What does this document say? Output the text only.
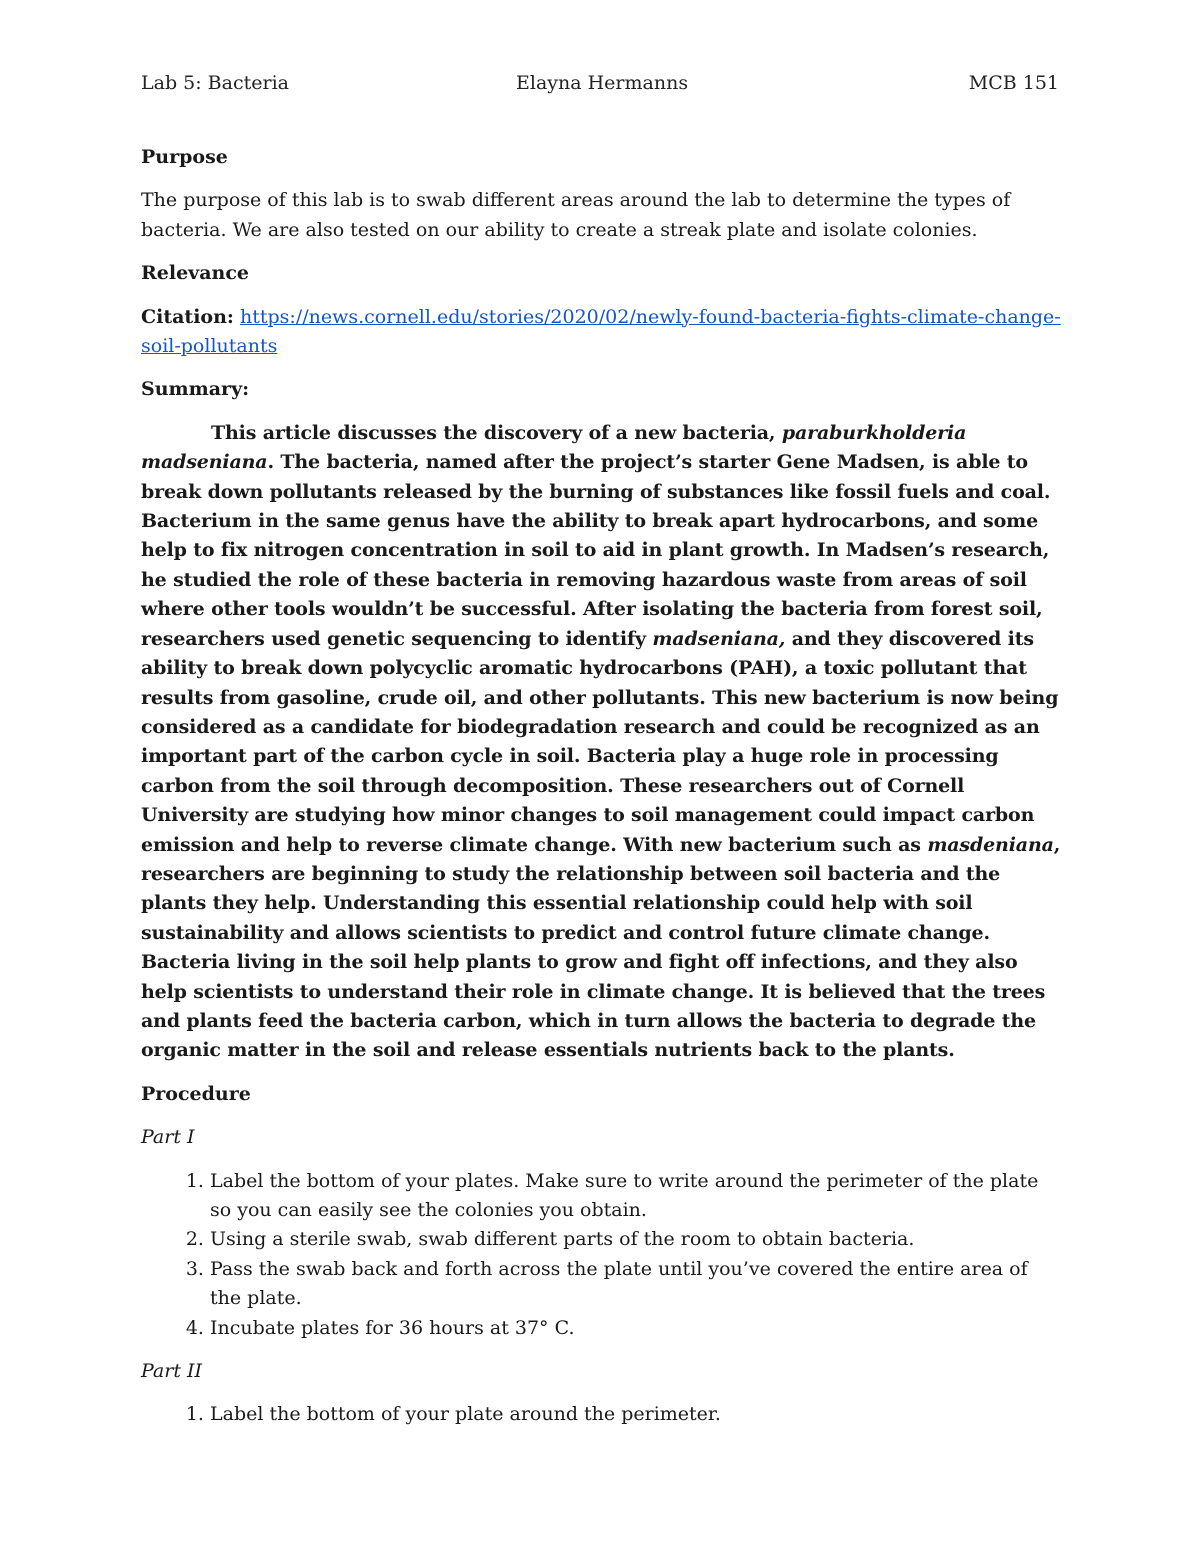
Lab 5: Bacteria	Elayna Hermanns	MCB 151
Purpose
The purpose of this lab is to swab different areas around the lab to determine the types of bacteria. We are also tested on our ability to create a streak plate and isolate colonies.
Relevance
Citation: https://news.cornell.edu/stories/2020/02/newly-found-bacteria-fights-climate-change-soil-pollutants
Summary:
This article discusses the discovery of a new bacteria, paraburkholderia madseniana. The bacteria, named after the project’s starter Gene Madsen, is able to break down pollutants released by the burning of substances like fossil fuels and coal. Bacterium in the same genus have the ability to break apart hydrocarbons, and some help to fix nitrogen concentration in soil to aid in plant growth. In Madsen’s research, he studied the role of these bacteria in removing hazardous waste from areas of soil where other tools wouldn’t be successful. After isolating the bacteria from forest soil, researchers used genetic sequencing to identify madseniana, and they discovered its ability to break down polycyclic aromatic hydrocarbons (PAH), a toxic pollutant that results from gasoline, crude oil, and other pollutants. This new bacterium is now being considered as a candidate for biodegradation research and could be recognized as an important part of the carbon cycle in soil. Bacteria play a huge role in processing carbon from the soil through decomposition. These researchers out of Cornell University are studying how minor changes to soil management could impact carbon emission and help to reverse climate change. With new bacterium such as masdeniana, researchers are beginning to study the relationship between soil bacteria and the plants they help. Understanding this essential relationship could help with soil sustainability and allows scientists to predict and control future climate change. Bacteria living in the soil help plants to grow and fight off infections, and they also help scientists to understand their role in climate change. It is believed that the trees and plants feed the bacteria carbon, which in turn allows the bacteria to degrade the organic matter in the soil and release essentials nutrients back to the plants.
Procedure
Part I
1. Label the bottom of your plates. Make sure to write around the perimeter of the plate so you can easily see the colonies you obtain.
2. Using a sterile swab, swab different parts of the room to obtain bacteria.
3. Pass the swab back and forth across the plate until you’ve covered the entire area of the plate.
4. Incubate plates for 36 hours at 37° C.
Part II
1. Label the bottom of your plate around the perimeter.
